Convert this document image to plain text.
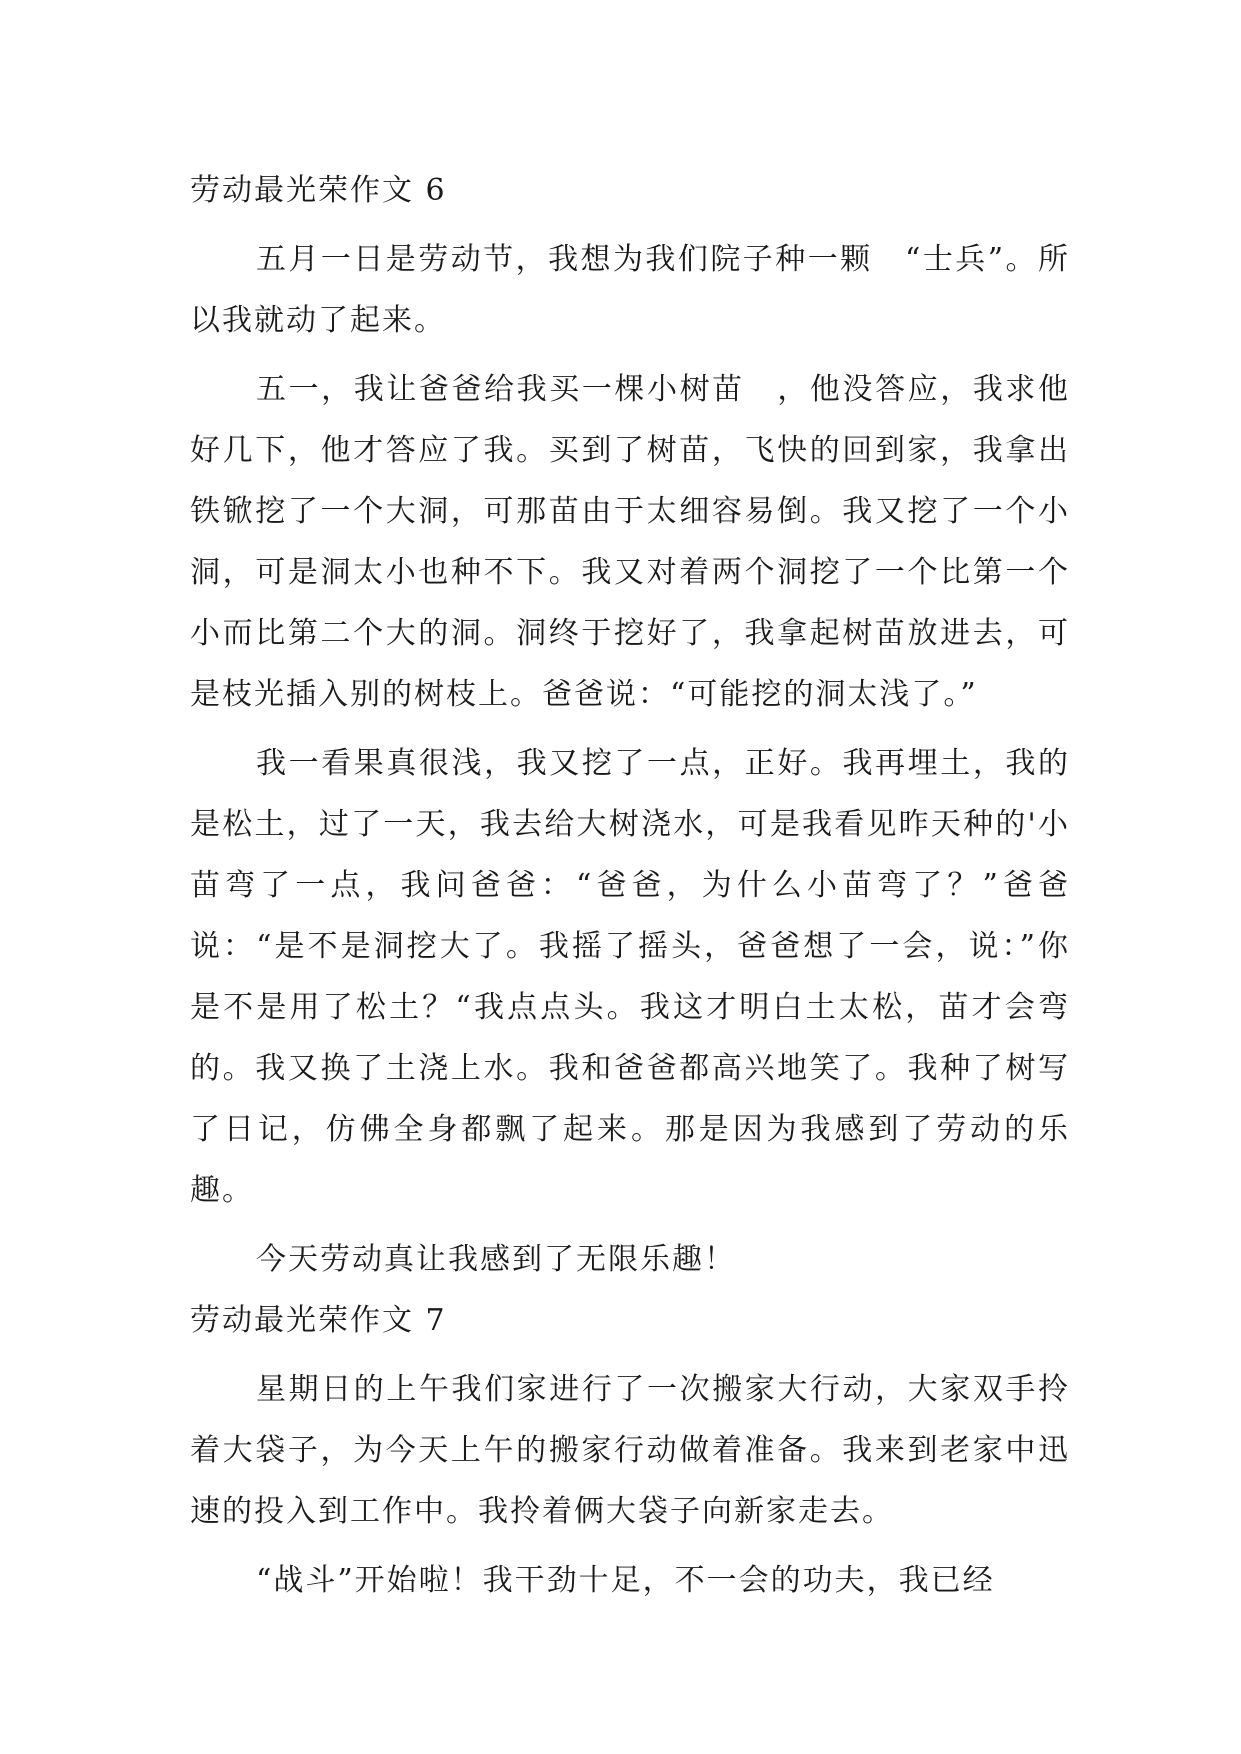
劳动最光荣作文 6

五月一日是劳动节，我想为我们院子种一颗　“士兵”。所以我就动了起来。

五一，我让爸爸给我买一棵小树苗　，他没答应，我求他好几下，他才答应了我。买到了树苗，飞快的回到家，我拿出铁锨挖了一个大洞，可那苗由于太细容易倒。我又挖了一个小洞，可是洞太小也种不下。我又对着两个洞挖了一个比第一个小而比第二个大的洞。洞终于挖好了，我拿起树苗放进去，可是枝光插入别的树枝上。爸爸说：“可能挖的洞太浅了。”

我一看果真很浅，我又挖了一点，正好。我再埋土，我的是松土，过了一天，我去给大树浇水，可是我看见昨天种的'小苗弯了一点，我问爸爸：“爸爸，为什么小苗弯了？”爸爸说：“是不是洞挖大了。我摇了摇头，爸爸想了一会，说：”你是不是用了松土？“我点点头。我这才明白土太松，苗才会弯的。我又换了土浇上水。我和爸爸都高兴地笑了。我种了树写了日记，仿佛全身都飘了起来。那是因为我感到了劳动的乐趣。

今天劳动真让我感到了无限乐趣！

劳动最光荣作文 7

星期日的上午我们家进行了一次搬家大行动，大家双手拎着大袋子，为今天上午的搬家行动做着准备。我来到老家中迅速的投入到工作中。我拎着俩大袋子向新家走去。

“战斗”开始啦！我干劲十足，不一会的功夫，我已经
